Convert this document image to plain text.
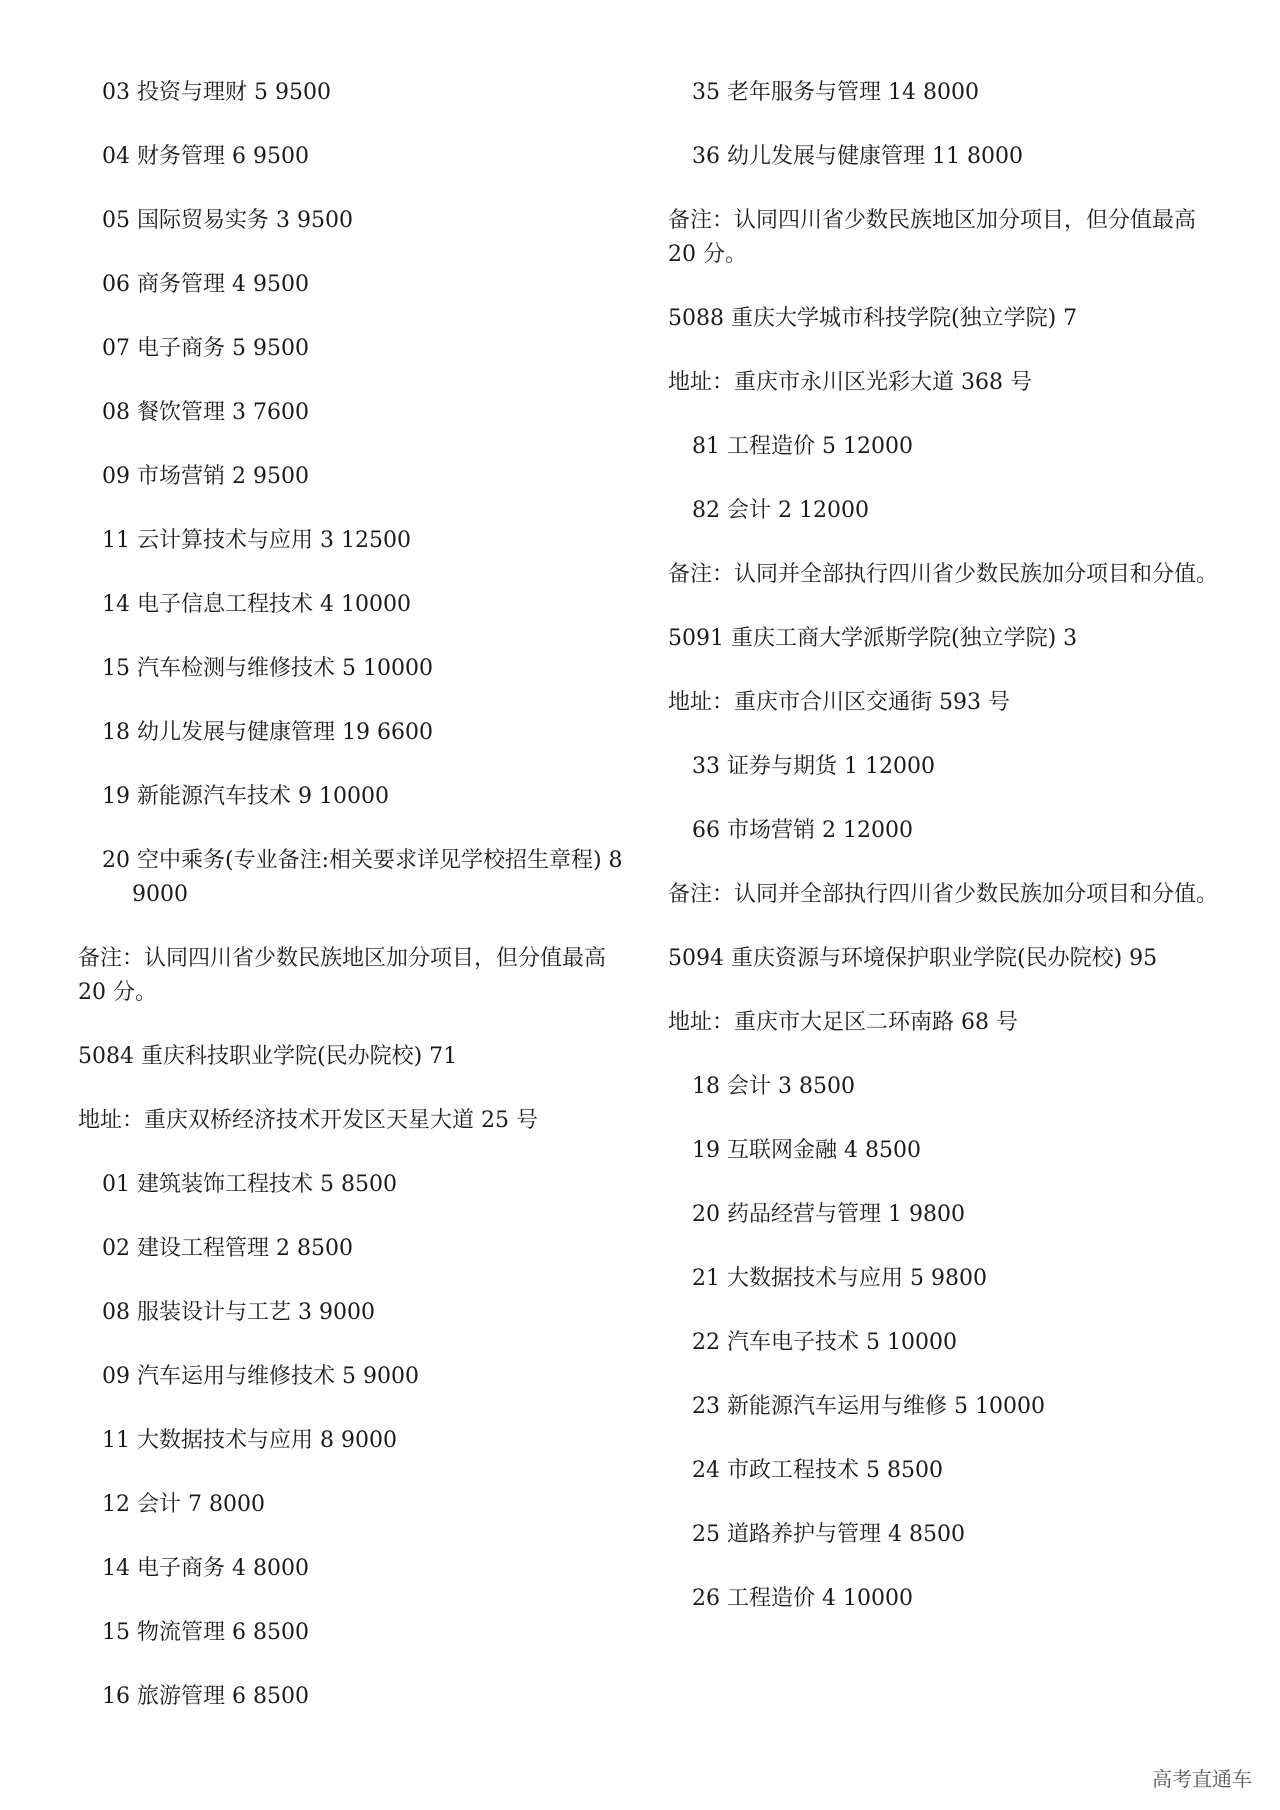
03 投资与理财 5 9500
04 财务管理 6 9500
05 国际贸易实务 3 9500
06 商务管理 4 9500
07 电子商务 5 9500
08 餐饮管理 3 7600
09 市场营销 2 9500
11 云计算技术与应用 3 12500
14 电子信息工程技术 4 10000
15 汽车检测与维修技术 5 10000
18 幼儿发展与健康管理 19 6600
19 新能源汽车技术 9 10000
20 空中乘务(专业备注:相关要求详见学校招生章程) 8 9000
备注：认同四川省少数民族地区加分项目，但分值最高 20 分。
5084 重庆科技职业学院(民办院校) 71
地址：重庆双桥经济技术开发区天星大道 25 号
01 建筑装饰工程技术 5 8500
02 建设工程管理 2 8500
08 服装设计与工艺 3 9000
09 汽车运用与维修技术 5 9000
11 大数据技术与应用 8 9000
12 会计 7 8000
14 电子商务 4 8000
15 物流管理 6 8500
16 旅游管理 6 8500
35 老年服务与管理 14 8000
36 幼儿发展与健康管理 11 8000
备注：认同四川省少数民族地区加分项目，但分值最高 20 分。
5088 重庆大学城市科技学院(独立学院) 7
地址：重庆市永川区光彩大道 368 号
81 工程造价 5 12000
82 会计 2 12000
备注：认同并全部执行四川省少数民族加分项目和分值。
5091 重庆工商大学派斯学院(独立学院) 3
地址：重庆市合川区交通街 593 号
33 证券与期货 1 12000
66 市场营销 2 12000
备注：认同并全部执行四川省少数民族加分项目和分值。
5094 重庆资源与环境保护职业学院(民办院校) 95
地址：重庆市大足区二环南路 68 号
18 会计 3 8500
19 互联网金融 4 8500
20 药品经营与管理 1 9800
21 大数据技术与应用 5 9800
22 汽车电子技术 5 10000
23 新能源汽车运用与维修 5 10000
24 市政工程技术 5 8500
25 道路养护与管理 4 8500
26 工程造价 4 10000
高考直通车
